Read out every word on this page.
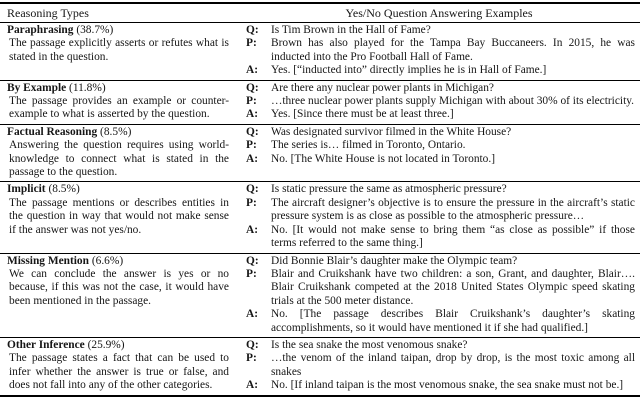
Reasoning Types	Yes/No Question Answering Examples
Paraphrasing (38.7%)
The passage explicitly asserts or refutes what is stated in the question.
Q:	Is Tim Brown in the Hall of Fame?
P:	Brown has also played for the Tampa Bay Buccaneers. In 2015, he was inducted into the Pro Football Hall of Fame.
A:	Yes. [“inducted into” directly implies he is in Hall of Fame.]
By Example (11.8%)
The passage provides an example or counter-example to what is asserted by the question.
Q:	Are there any nuclear power plants in Michigan?
P:	…three nuclear power plants supply Michigan with about 30% of its electricity.
A:	Yes. [Since there must be at least three.]
Factual Reasoning (8.5%)
Answering the question requires using world-knowledge to connect what is stated in the passage to the question.
Q:	Was designated survivor filmed in the White House?
P:	The series is… filmed in Toronto, Ontario.
A:	No. [The White House is not located in Toronto.]
Implicit (8.5%)
The passage mentions or describes entities in the question in way that would not make sense if the answer was not yes/no.
Q:	Is static pressure the same as atmospheric pressure?
P:	The aircraft designer’s objective is to ensure the pressure in the aircraft’s static pressure system is as close as possible to the atmospheric pressure…
A:	No. [It would not make sense to bring them “as close as possible” if those terms referred to the same thing.]
Missing Mention (6.6%)
We can conclude the answer is yes or no because, if this was not the case, it would have been mentioned in the passage.
Q:	Did Bonnie Blair’s daughter make the Olympic team?
P:	Blair and Cruikshank have two children: a son, Grant, and daughter, Blair…. Blair Cruikshank competed at the 2018 United States Olympic speed skating trials at the 500 meter distance.
A:	No. [The passage describes Blair Cruikshank’s daughter’s skating accomplishments, so it would have mentioned it if she had qualified.]
Other Inference (25.9%)
The passage states a fact that can be used to infer whether the answer is true or false, and does not fall into any of the other categories.
Q:	Is the sea snake the most venomous snake?
P:	…the venom of the inland taipan, drop by drop, is the most toxic among all snakes
A:	No. [If inland taipan is the most venomous snake, the sea snake must not be.]
